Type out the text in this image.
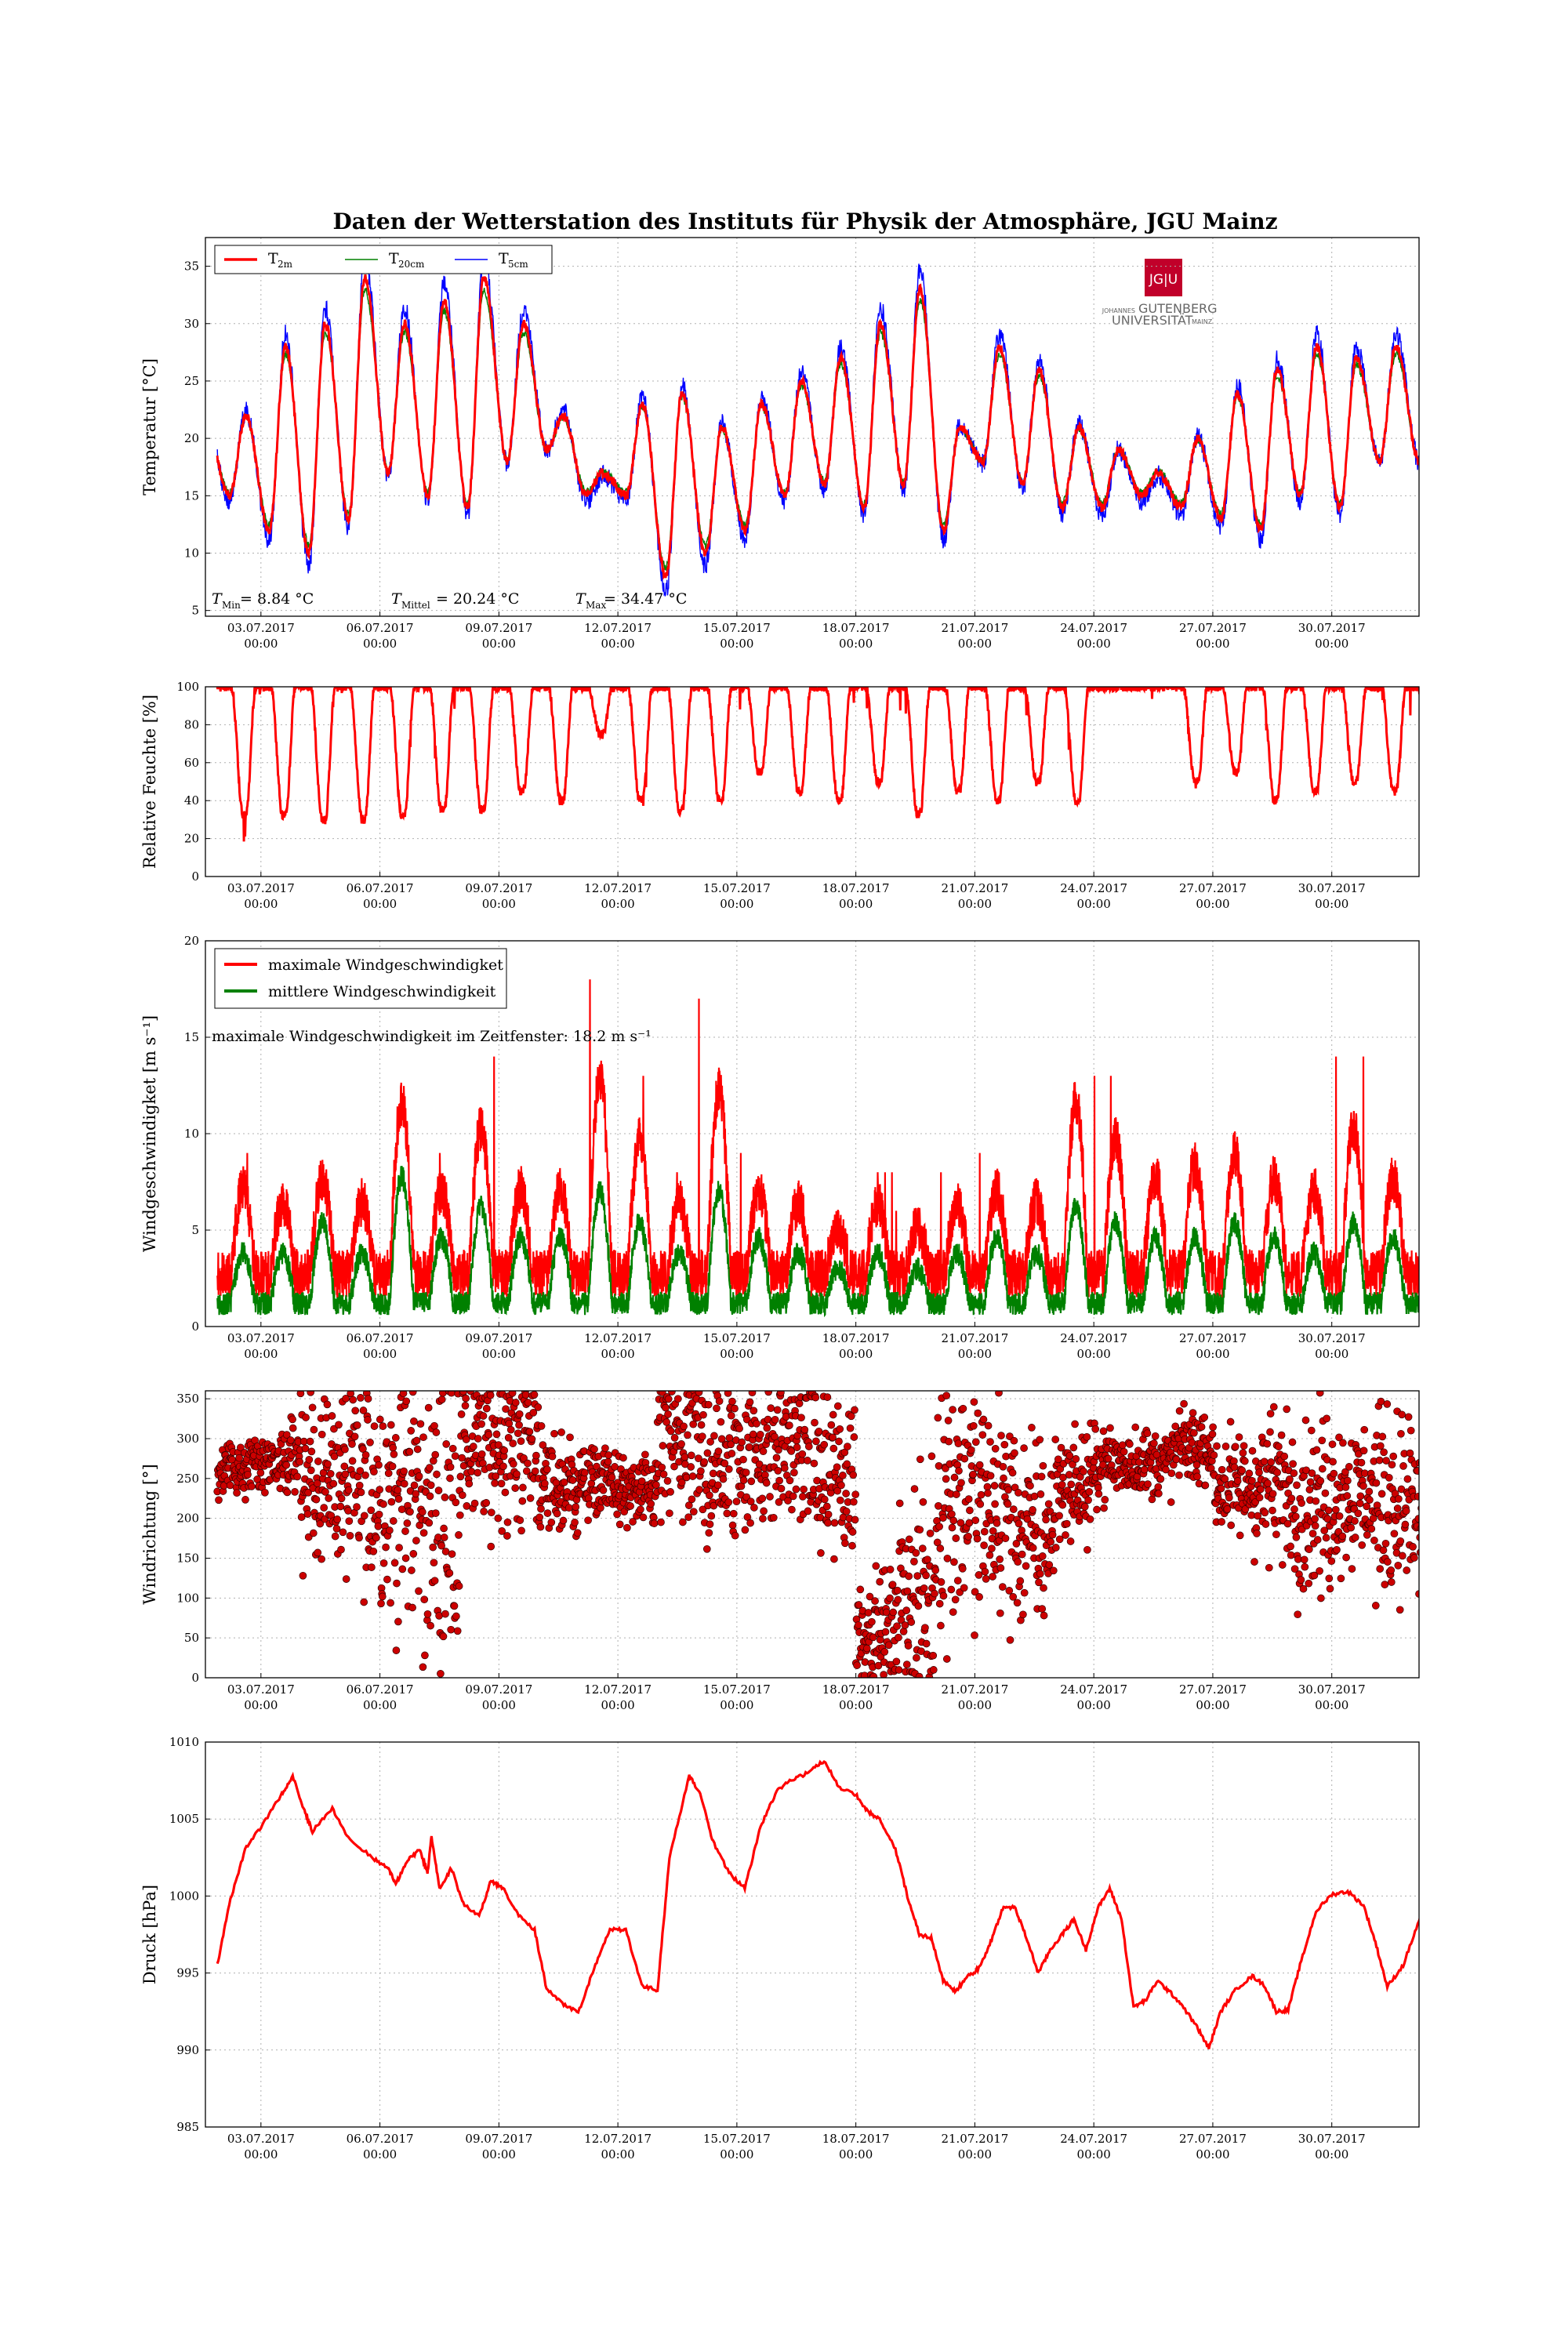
Daten der Wetterstation des Instituts für Physik der Atmosphäre, JGU Mainz
JG|U
JOHANNES GUTENBERG
UNIVERSITÄT
MAINZ
5
10
15
20
25
30
35
03.07.2017
00:00
06.07.2017
00:00
09.07.2017
00:00
12.07.2017
00:00
15.07.2017
00:00
18.07.2017
00:00
21.07.2017
00:00
24.07.2017
00:00
27.07.2017
00:00
30.07.2017
00:00
Temperatur [°C]
T 2m	T 20cm	T 5cm
T Min = 8.84 °C	T Mittel = 20.24 °C	T Max
= 34.47 °C
0
20
40
60
80
100
03.07.2017
00:00
06.07.2017
00:00
09.07.2017
00:00
12.07.2017
00:00
15.07.2017
00:00
18.07.2017
00:00
21.07.2017
00:00
24.07.2017
00:00
27.07.2017
00:00
30.07.2017
00:00
Relative Feuchte [%]
0
5
10
15
20
03.07.2017
00:00
06.07.2017
00:00
09.07.2017
00:00
12.07.2017
00:00
15.07.2017
00:00
18.07.2017
00:00
21.07.2017
00:00
24.07.2017
00:00
27.07.2017
00:00
30.07.2017
00:00
Windgeschwindigket [m s⁻¹]
maximale Windgeschwindigket
mittlere Windgeschwindigkeit
maximale Windgeschwindigkeit im Zeitfenster: 18.2 m s⁻¹
0
50
100
150
200
250
300
350
03.07.2017
00:00
06.07.2017
00:00
09.07.2017
00:00
12.07.2017
00:00
15.07.2017
00:00
18.07.2017
00:00
21.07.2017
00:00
24.07.2017
00:00
27.07.2017
00:00
30.07.2017
00:00
Windrichtung [°]
985
990
995
1000
1005
1010
03.07.2017
00:00
06.07.2017
00:00
09.07.2017
00:00
12.07.2017
00:00
15.07.2017
00:00
18.07.2017
00:00
21.07.2017
00:00
24.07.2017
00:00
27.07.2017
00:00
30.07.2017
00:00
Druck [hPa]
